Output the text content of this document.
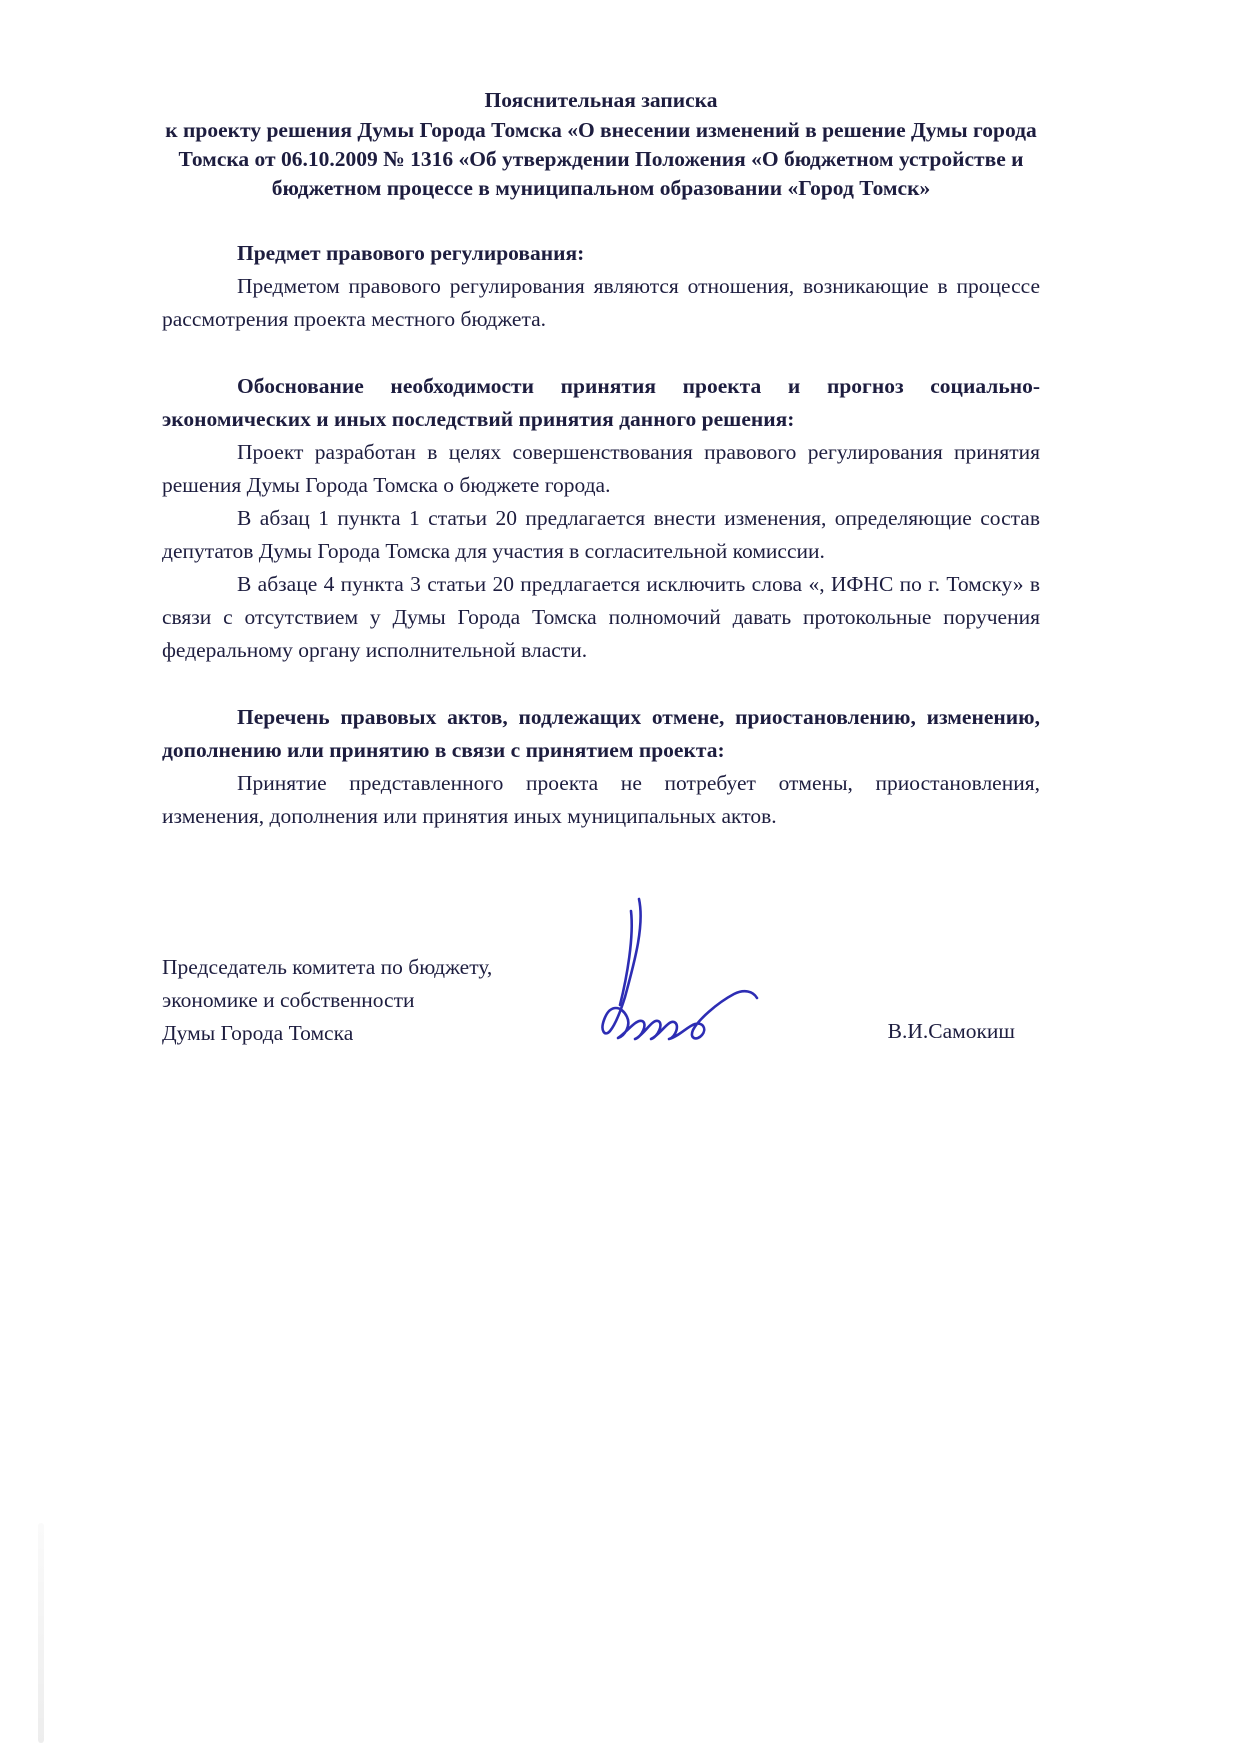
Пояснительная записка
к проекту решения Думы Города Томска «О внесении изменений в решение Думы города Томска от 06.10.2009 № 1316 «Об утверждении Положения «О бюджетном устройстве и бюджетном процессе в муниципальном образовании «Город Томск»
Предмет правового регулирования:

Предметом правового регулирования являются отношения, возникающие в процессе рассмотрения проекта местного бюджета.

Обоснование необходимости принятия проекта и прогноз социально-экономических и иных последствий принятия данного решения:

Проект разработан в целях совершенствования правового регулирования принятия решения Думы Города Томска о бюджете города.

В абзац 1 пункта 1 статьи 20 предлагается внести изменения, определяющие состав депутатов Думы Города Томска для участия в согласительной комиссии.

В абзаце 4 пункта 3 статьи 20 предлагается исключить слова «, ИФНС по г. Томску» в связи с отсутствием у Думы Города Томска полномочий давать протокольные поручения федеральному органу исполнительной власти.

Перечень правовых актов, подлежащих отмене, приостановлению, изменению, дополнению или принятию в связи с принятием проекта:

Принятие представленного проекта не потребует отмены, приостановления, изменения, дополнения или принятия иных муниципальных актов.

Председатель комитета по бюджету,
экономике и собственности
Думы Города Томска	В.И.Самокиш
